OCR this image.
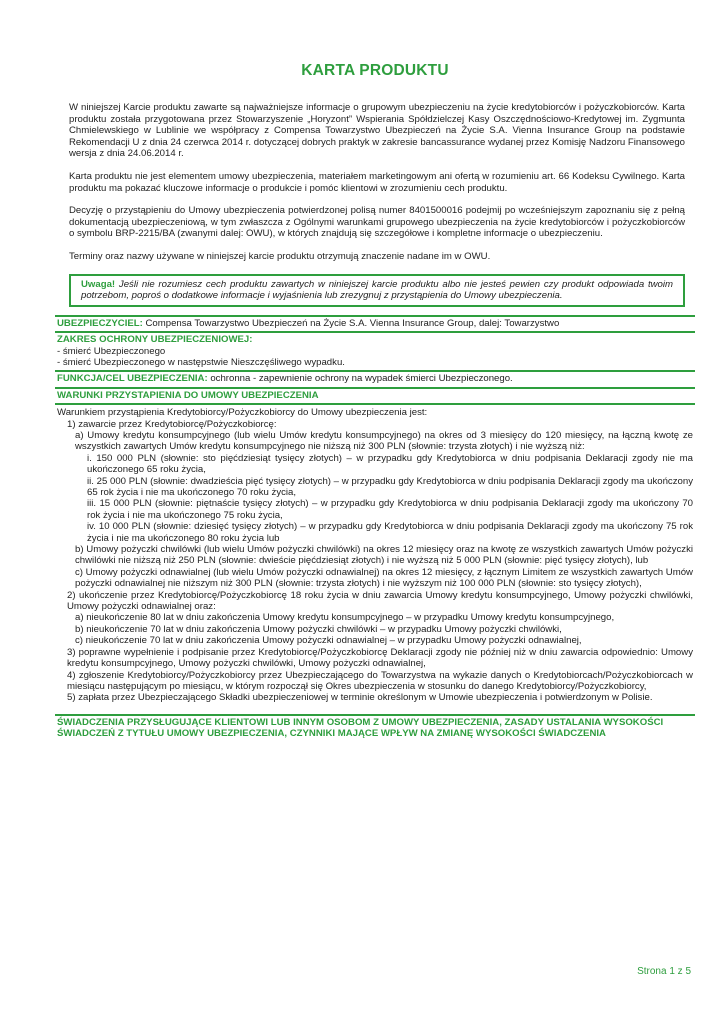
KARTA PRODUKTU

W niniejszej Karcie produktu zawarte są najważniejsze informacje o grupowym ubezpieczeniu na życie kredytobiorców i pożyczkobiorców. Karta produktu została przygotowana przez Stowarzyszenie „Horyzont” Wspierania Spółdzielczej Kasy Oszczędnościowo-Kredytowej im. Zygmunta Chmielewskiego w Lublinie we współpracy z Compensa Towarzystwo Ubezpieczeń na Życie S.A. Vienna Insurance Group na podstawie Rekomendacji U z dnia 24 czerwca 2014 r. dotyczącej dobrych praktyk w zakresie bancassurance wydanej przez Komisję Nadzoru Finansowego wersja z dnia 24.06.2014 r.

Karta produktu nie jest elementem umowy ubezpieczenia, materiałem marketingowym ani ofertą w rozumieniu art. 66 Kodeksu Cywilnego. Karta produktu ma pokazać kluczowe informacje o produkcie i pomóc klientowi w zrozumieniu cech produktu.

Decyzję o przystąpieniu do Umowy ubezpieczenia potwierdzonej polisą numer 8401500016 podejmij po wcześniejszym zapoznaniu się z pełną dokumentacją ubezpieczeniową, w tym zwłaszcza z Ogólnymi warunkami grupowego ubezpieczenia na życie kredytobiorców i pożyczkobiorców o symbolu BRP-2215/BA (zwanymi dalej: OWU), w których znajdują się szczegółowe i kompletne informacje o ubezpieczeniu.

Terminy oraz nazwy używane w niniejszej karcie produktu otrzymują znaczenie nadane im w OWU.

Uwaga! Jeśli nie rozumiesz cech produktu zawartych w niniejszej karcie produktu albo nie jesteś pewien czy produkt odpowiada twoim potrzebom, poproś o dodatkowe informacje i wyjaśnienia lub zrezygnuj z przystąpienia do Umowy ubezpieczenia.
UBEZPIECZYCIEL: Compensa Towarzystwo Ubezpieczeń na Życie S.A. Vienna Insurance Group, dalej: Towarzystwo
ZAKRES OCHRONY UBEZPIECZENIOWEJ:
- śmierć Ubezpieczonego
- śmierć Ubezpieczonego w następstwie Nieszczęśliwego wypadku.
FUNKCJA/CEL UBEZPIECZENIA: ochronna - zapewnienie ochrony na wypadek śmierci Ubezpieczonego.
WARUNKI PRZYSTAPIENIA DO UMOWY UBEZPIECZENIA
Warunkiem przystąpienia Kredytobiorcy/Pożyczkobiorcy do Umowy ubezpieczenia jest:
1) zawarcie przez Kredytobiorcę/Pożyczkobiorcę:
a) Umowy kredytu konsumpcyjnego (lub wielu Umów kredytu konsumpcyjnego) na okres od 3 miesięcy do 120 miesięcy, na łączną kwotę ze wszystkich zawartych Umów kredytu konsumpcyjnego nie niższą niż 300 PLN (słownie: trzysta złotych) i nie wyższą niż:
i. 150 000 PLN (słownie: sto pięćdziesiąt tysięcy złotych) – w przypadku gdy Kredytobiorca w dniu podpisania Deklaracji zgody nie ma ukończonego 65 roku życia,
ii. 25 000 PLN (słownie: dwadzieścia pięć tysięcy złotych) – w przypadku gdy Kredytobiorca w dniu podpisania Deklaracji zgody ma ukończony 65 rok życia i nie ma ukończonego 70 roku życia,
iii. 15 000 PLN (słownie: piętnaście tysięcy złotych) – w przypadku gdy Kredytobiorca w dniu podpisania Deklaracji zgody ma ukończony 70 rok życia i nie ma ukończonego 75 roku życia,
iv. 10 000 PLN (słownie: dziesięć tysięcy złotych) – w przypadku gdy Kredytobiorca w dniu podpisania Deklaracji zgody ma ukończony 75 rok życia i nie ma ukończonego 80 roku życia lub
b) Umowy pożyczki chwilówki (lub wielu Umów pożyczki chwilówki) na okres 12 miesięcy oraz na kwotę ze wszystkich zawartych Umów pożyczki chwilówki nie niższą niż 250 PLN (słownie: dwieście pięćdziesiąt złotych) i nie wyższą niż 5 000 PLN (słownie: pięć tysięcy złotych), lub
c) Umowy pożyczki odnawialnej (lub wielu Umów pożyczki odnawialnej) na okres 12 miesięcy, z łącznym Limitem ze wszystkich zawartych Umów pożyczki odnawialnej nie niższym niż 300 PLN (słownie: trzysta złotych) i nie wyższym niż 100 000 PLN (słownie: sto tysięcy złotych),
2) ukończenie przez Kredytobiorcę/Pożyczkobiorcę 18 roku życia w dniu zawarcia Umowy kredytu konsumpcyjnego, Umowy pożyczki chwilówki, Umowy pożyczki odnawialnej oraz:
a) nieukończenie 80 lat w dniu zakończenia Umowy kredytu konsumpcyjnego – w przypadku Umowy kredytu konsumpcyjnego,
b) nieukończenie 70 lat w dniu zakończenia Umowy pożyczki chwilówki – w przypadku Umowy pożyczki chwilówki,
c) nieukończenie 70 lat w dniu zakończenia Umowy pożyczki odnawialnej – w przypadku Umowy pożyczki odnawialnej,
3) poprawne wypełnienie i podpisanie przez Kredytobiorcę/Pożyczkobiorcę Deklaracji zgody nie później niż w dniu zawarcia odpowiednio: Umowy kredytu konsumpcyjnego, Umowy pożyczki chwilówki, Umowy pożyczki odnawialnej,
4) zgłoszenie Kredytobiorcy/Pożyczkobiorcy przez Ubezpieczającego do Towarzystwa na wykazie danych o Kredytobiorcach/Pożyczkobiorcach w miesiącu następującym po miesiącu, w którym rozpoczął się Okres ubezpieczenia w stosunku do danego Kredytobiorcy/Pożyczkobiorcy,
5) zapłata przez Ubezpieczającego Składki ubezpieczeniowej w terminie określonym w Umowie ubezpieczenia i potwierdzonym w Polisie.
ŚWIADCZENIA PRZYSŁUGUJĄCE KLIENTOWI LUB INNYM OSOBOM Z UMOWY UBEZPIECZENIA, ZASADY USTALANIA WYSOKOŚCI ŚWIADCZEŃ Z TYTUŁU UMOWY UBEZPIECZENIA, CZYNNIKI MAJĄCE WPŁYW NA ZMIANĘ WYSOKOŚCI ŚWIADCZENIA
Strona 1 z 5
